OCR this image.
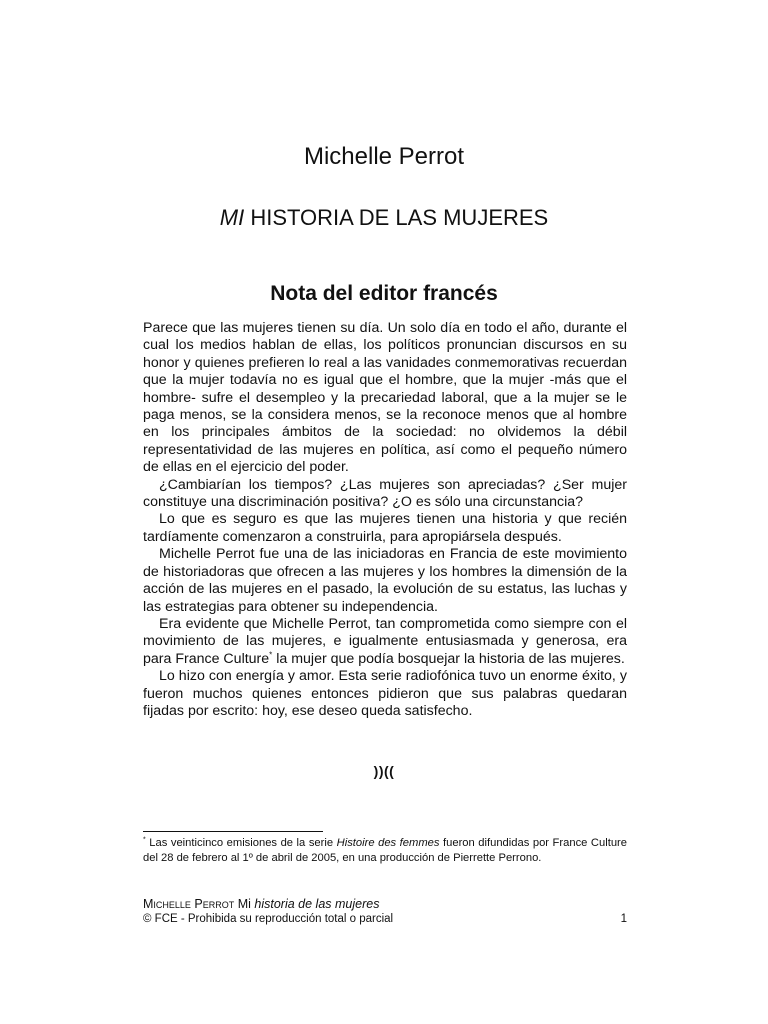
Michelle Perrot
MI HISTORIA DE LAS MUJERES
Nota del editor francés

Parece que las mujeres tienen su día. Un solo día en todo el año, durante el cual los medios hablan de ellas, los políticos pronuncian discursos en su honor y quienes prefieren lo real a las vanidades conmemorativas recuerdan que la mujer todavía no es igual que el hombre, que la mujer -más que el hombre- sufre el desempleo y la precariedad laboral, que a la mujer se le paga menos, se la considera menos, se la reconoce menos que al hombre en los principales ámbitos de la sociedad: no olvidemos la débil representatividad de las mujeres en política, así como el pequeño número de ellas en el ejercicio del poder.

¿Cambiarían los tiempos? ¿Las mujeres son apreciadas? ¿Ser mujer constituye una discriminación positiva? ¿O es sólo una circunstancia?

Lo que es seguro es que las mujeres tienen una historia y que recién tardíamente comenzaron a construirla, para apropiársela después.

Michelle Perrot fue una de las iniciadoras en Francia de este movimiento de historiadoras que ofrecen a las mujeres y los hombres la dimensión de la acción de las mujeres en el pasado, la evolución de su estatus, las luchas y las estrategias para obtener su independencia.

Era evidente que Michelle Perrot, tan comprometida como siempre con el movimiento de las mujeres, e igualmente entusiasmada y generosa, era para France Culture* la mujer que podía bosquejar la historia de las mujeres.

Lo hizo con energía y amor. Esta serie radiofónica tuvo un enorme éxito, y fueron muchos quienes entonces pidieron que sus palabras quedaran fijadas por escrito: hoy, ese deseo queda satisfecho.

))((
* Las veinticinco emisiones de la serie Histoire des femmes fueron difundidas por France Culture del 28 de febrero al 1º de abril de 2005, en una producción de Pierrette Perrono.
Michelle Perrot Mi historia de las mujeres
© FCE - Prohibida su reproducción total o parcial	1
